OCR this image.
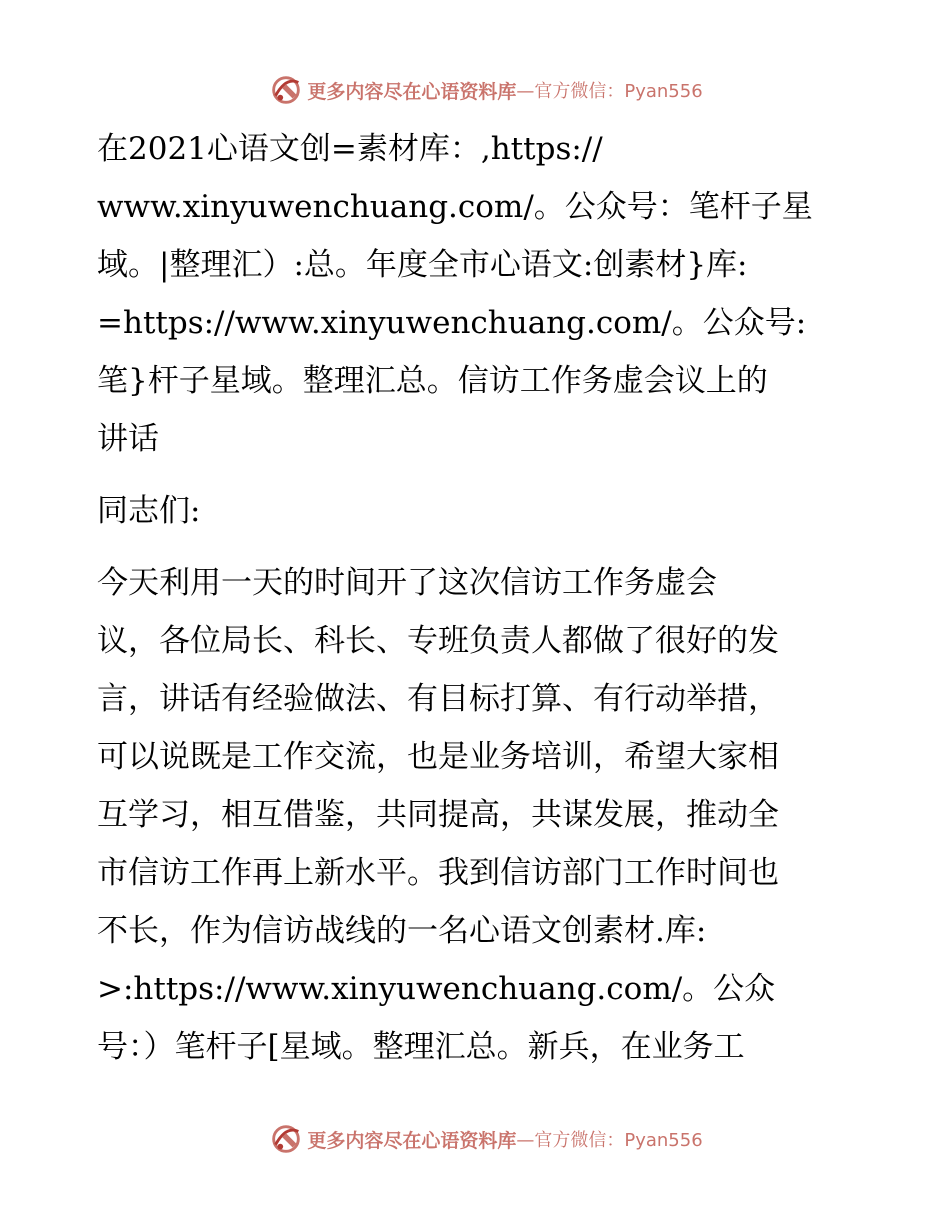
更多内容尽在心语资料库 —官方微信：Pyan556
在2021心语文创=素材库：,https://
www.xinyuwenchuang.com/。公众号：笔杆子星
域。|整理汇）:总。年度全市心语文:创素材}库:
=https://www.xinyuwenchuang.com/。公众号:
笔}杆子星域。整理汇总。信访工作务虚会议上的
讲话
同志们:
今天利用一天的时间开了这次信访工作务虚会
议，各位局长、科长、专班负责人都做了很好的发
言，讲话有经验做法、有目标打算、有行动举措，
可以说既是工作交流，也是业务培训，希望大家相
互学习，相互借鉴，共同提高，共谋发展，推动全
市信访工作再上新水平。我到信访部门工作时间也
不长，作为信访战线的一名心语文创素材.库:
>:https://www.xinyuwenchuang.com/。公众
号：）笔杆子[星域。整理汇总。新兵，在业务工
更多内容尽在心语资料库 —官方微信：Pyan556
